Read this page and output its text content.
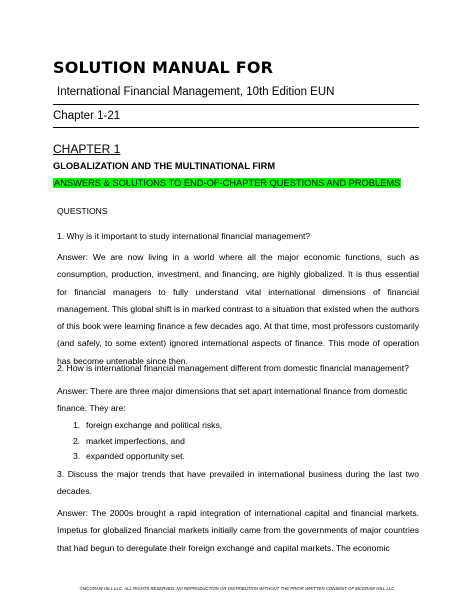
SOLUTION MANUAL FOR
International Financial Management, 10th Edition EUN
Chapter 1-21
CHAPTER 1
GLOBALIZATION AND THE MULTINATIONAL FIRM
ANSWERS & SOLUTIONS TO END-OF-CHAPTER QUESTIONS AND PROBLEMS
QUESTIONS
1. Why is it important to study international financial management?
Answer: We are now living in a world where all the major economic functions, such as
consumption, production, investment, and financing, are highly globalized. It is thus essential
for financial managers to fully understand vital international dimensions of financial
management. This global shift is in marked contrast to a situation that existed when the authors
of this book were learning finance a few decades ago. At that time, most professors customarily
(and safely, to some extent) ignored international aspects of finance. This mode of operation
has become untenable since then.
2. How is international financial management different from domestic financial management?
Answer: There are three major dimensions that set apart international finance from domestic
finance. They are:
1. foreign exchange and political risks,
2. market imperfections, and
3. expanded opportunity set.
3. Discuss the major trends that have prevailed in international business during the last two
decades.
Answer: The 2000s brought a rapid integration of international capital and financial markets.
Impetus for globalized financial markets initially came from the governments of major countries
that had begun to deregulate their foreign exchange and capital markets. The economic
©MCGRAW HILL LLC. ALL RIGHTS RESERVED. NO REPRODUCTION OR DISTRIBUTION WITHOUT THE PRIOR WRITTEN CONSENT OF MCGRAW HILL LLC
